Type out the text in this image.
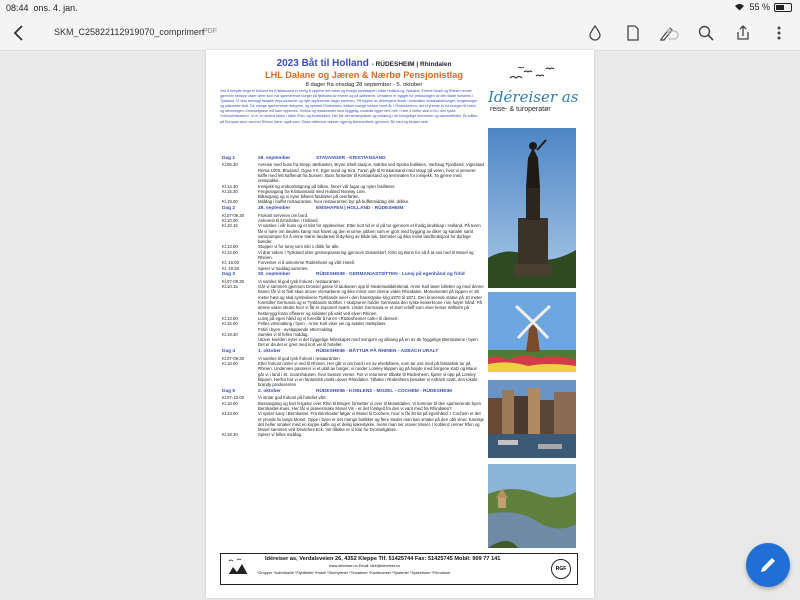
08:44 ons. 4. jan.	55 %
SKM_C25822112919070_comprimert
PDF
2023 Båt til Holland - RÜDESHEIM | Rhindalen
LHL Dalane og Jæren & Nærbø Pensjonistlag
8 dager fra onsdag 28 september - 5. oktober
Ved å benytte ferge til Holland fra Kristiansand er mulig å oppleve det vakre og frodige landskapet i både Holland og Tyskland. Elvene Mosel og Rhinen renner gjennom nettopp vakre deler som har sjarmerende borger på fjellsiden av elvene og på dalfletene. Omtalene er bygget for pesiduktgjen av den fatale turistens i Tyskland. Vi skal selvsagt besøke vinproduserter og nyte opptreende dager sammen. På toppen av vinbergene finner romantiske middelalderborger, borganonger og pittoreske slott. De mange sjarmerende vinbyene, og spesielt Rüdesheim, trekker mange turister hvert år. I Rüdesheim er det et yrende liv fra morgen til kveld, og stemningen i Drosselgasse må bare oppleves. Vinhus og restauranter med hyggelig, muskikk ligger vell I tett. I hele 4 netter skal vi bo i den tyske «vinhovedstaden». Vi er en sentral faktor i både Rhin- og Moseldalen. Her blir det smaksprøver og innføring i de forskjellige drevrenter og vannmølletter. En båttur på Europas store vannvei Rhinen hører også med. Disse dalferene danner rigjerrig flommerlikefe gjennom. Bli med og bedøm selv!
Idéreiser as
reise- & turoperatør
Dag 1	28. september	STAVANGER - KRISTIANSAND
Kl.06.30	Avreise med buss fra Klepp Jærbanker, Bryne Shell stasjon, Nærbø ved Sporta butikken, Varhaug Fjordland, Vigrestad Rema 1000, Brusand, Ogna YX, Eger sund og Sira. Turen går til Kristiansand med stopp på veien, hvor vi serverer kaffe med lett kaffemat fra bussen. Buss fortsetter til Kristiansand og terminalen for innsjekk. Ta gjerne med nistepakke.
Kl.14.30	Innsjekk og ombordstigning på båten, finner vår lugar og nyter fasiliteter.
Kl.15.30	Fergeavgang fra Kristiansand med Holland Norway Line.
Båtavgang og vi nyter båtens fasiliteter på overfarten.
Kl.19.00	Middag i buffet restauranten, hvor restauranten byr på buffetmiddag inkl. drikke.
Dag 2	29. september	EMSHAFEN | HOLLAND - RÜDESHEIM
Kl.07-09.30	Frokost serveres om bord.
Kl.10.00	Ankomst til Emshafen i Holland.
Kl.10.15	Vi samles i vår buss og er klar for opplevelser. Etter kort tid er vi på tur gjennom et frodig landskap i Holland. På turen får vi høre om landets kamp mot havet og den enorme jobben som er gjort med bygging av diker og kanaler samt vannpumper for å vinne større landareal til dyrking av både løk, blomster og ikke minst landbruksjord for dyrbige bønder.
Kl.13.00	Stopper vi for lunsj som inkl 1 drikk for alle.
Kl.14.00	Vi drar videre i Tyskland etter grensepassering gjennom Düsseldorf, Köln og Bonn for så å ta oss ned til Mosel og Rhinen.
Kl. 18.00	Forventer vi å ankomme Rüdesheim og vårt Hotell.
Kl. 19.30	Spiser vi middag sammen.
Dag 3	30. september	RÜDESHEIM - GERMANIASTØTTEN - Lunsj på egenhånd og fritid
Kl.07-09.30	Vi samles til god tysk frokost i restauranten
Kl.10.15	Går vi sammen gjennom Drossel gasse til taubanen opp til Niederwalddenkmal. Anne Karl løser billetter og med denne banen får vi et flott skue utover vinmarkene og ikke minst over denne vakre Rhindalen. Monumentet på toppen er 38 meter høyt og skal symbolisere Tysklands seier i den fransktyske krig 1870 til 1871. Den kronende statue på 10 meter forestiller Germania og er Tysklands stolthet. I skulpturen holder Germania den tyske keiserkrone i sin høyre hånd. På denne vakre stedet hvor vi får et imponert svært. Under Germania er et stort relieff som viser keiser Wilhelm på hesterygg foran offiserer og soldater på vakt ved elven Rhinen.
Kl.13.00	Lunsj på egen hånd og vi foreslår å ha en «Rüdesheimer cafe» til dessert.
Kl.15.00	Felles vinsmaking i byen - Anne Karl viser vei og avtaler møteplass.
Fritid i byen - avslappende ettermiddag.
Kl.19.30	Samles vi til felles middag.
Utover kvelden nyter vi det hyggelige felleskapet med svingom og allsang på en av de hyggelige Bierstubene i byen. Det er da det er greit med kort vei til hotellet.
Dag 4	1. oktober	RÜDESHEIM - BÅTTUR PÅ RHINEN - ASBACH URALT
Kl.07-09.30	Vi samles til god tysk frokost i restauranten
Kl.10.00	Etter frokost rusler vi ned til Rhinen. Her går vi om bord i en av elvebåtene, som tar oss med på fantastisk tur på Rhinen. Underveis passerer vi et utall av borger, vi runder Loreley klippen og på høyde med borgene Katz og Maus går vi i land i St. Goarshausen, hvor bussen venter. Før vi returnerer tilbake til Rüdesheim, kjører vi opp på Loreley klippen. Herfra har vi en fantastisk utsikt utover Rhindalen. Tilbake i Rüdesheim besøker vi Asbach Uralt, den lokale brandy produsenten
Dag 5	2. oktober	RÜDESHEIM - KOBLENZ - MOZEL - COCHEM - RÜDESHEIM
Kl.07-10.00	Vi inntar god frokost på hotellet vårt.
Kl.10.00	Bussavgang og kort fergetur over Rhin til Bingen fortsetter vi over til Moseldalen. Vi kommer til den sjarmerende byen Bernkastel-Kues. Her får vi prøvesmake Mosel Vin - er det forskjell fra den vi vant med fra Rhindalen?
Kl.13.00	Vi spiser lunsj i Bernkastel. Fra Bernkastel følger vi Mosel til Cochem, hvor vi får litt tid på egenhånd. I Cochem er det et yrende liv langs Mosel. Oppe i byen er det mange butikker og flere steder man kan smake på den obli viner. Kanskje det heller smaker med en koppe kaffe og et deilig kakestykke, mens man ser utover Mosel. I Koblenz renner Rhin og Mosel sammen ved Deutches Eck. Vel tilbake er vi klar for Drosselgasse.
Kl.19.30	Spiser vi felles middag.
Idéreiser as, Verdalsveien 26, 4352 Kleppe Tlf. 51425744 Fax: 51425745 Mobil: 909 77 141
www.idereiser.no Email: idre@idereiser.no
*Grupper *Individuelle *Flybilletter *Hotell *Storbyferier *Tematurer *Konferanser *Spaferier *Sykkelturer *Firmaturer
RGF
